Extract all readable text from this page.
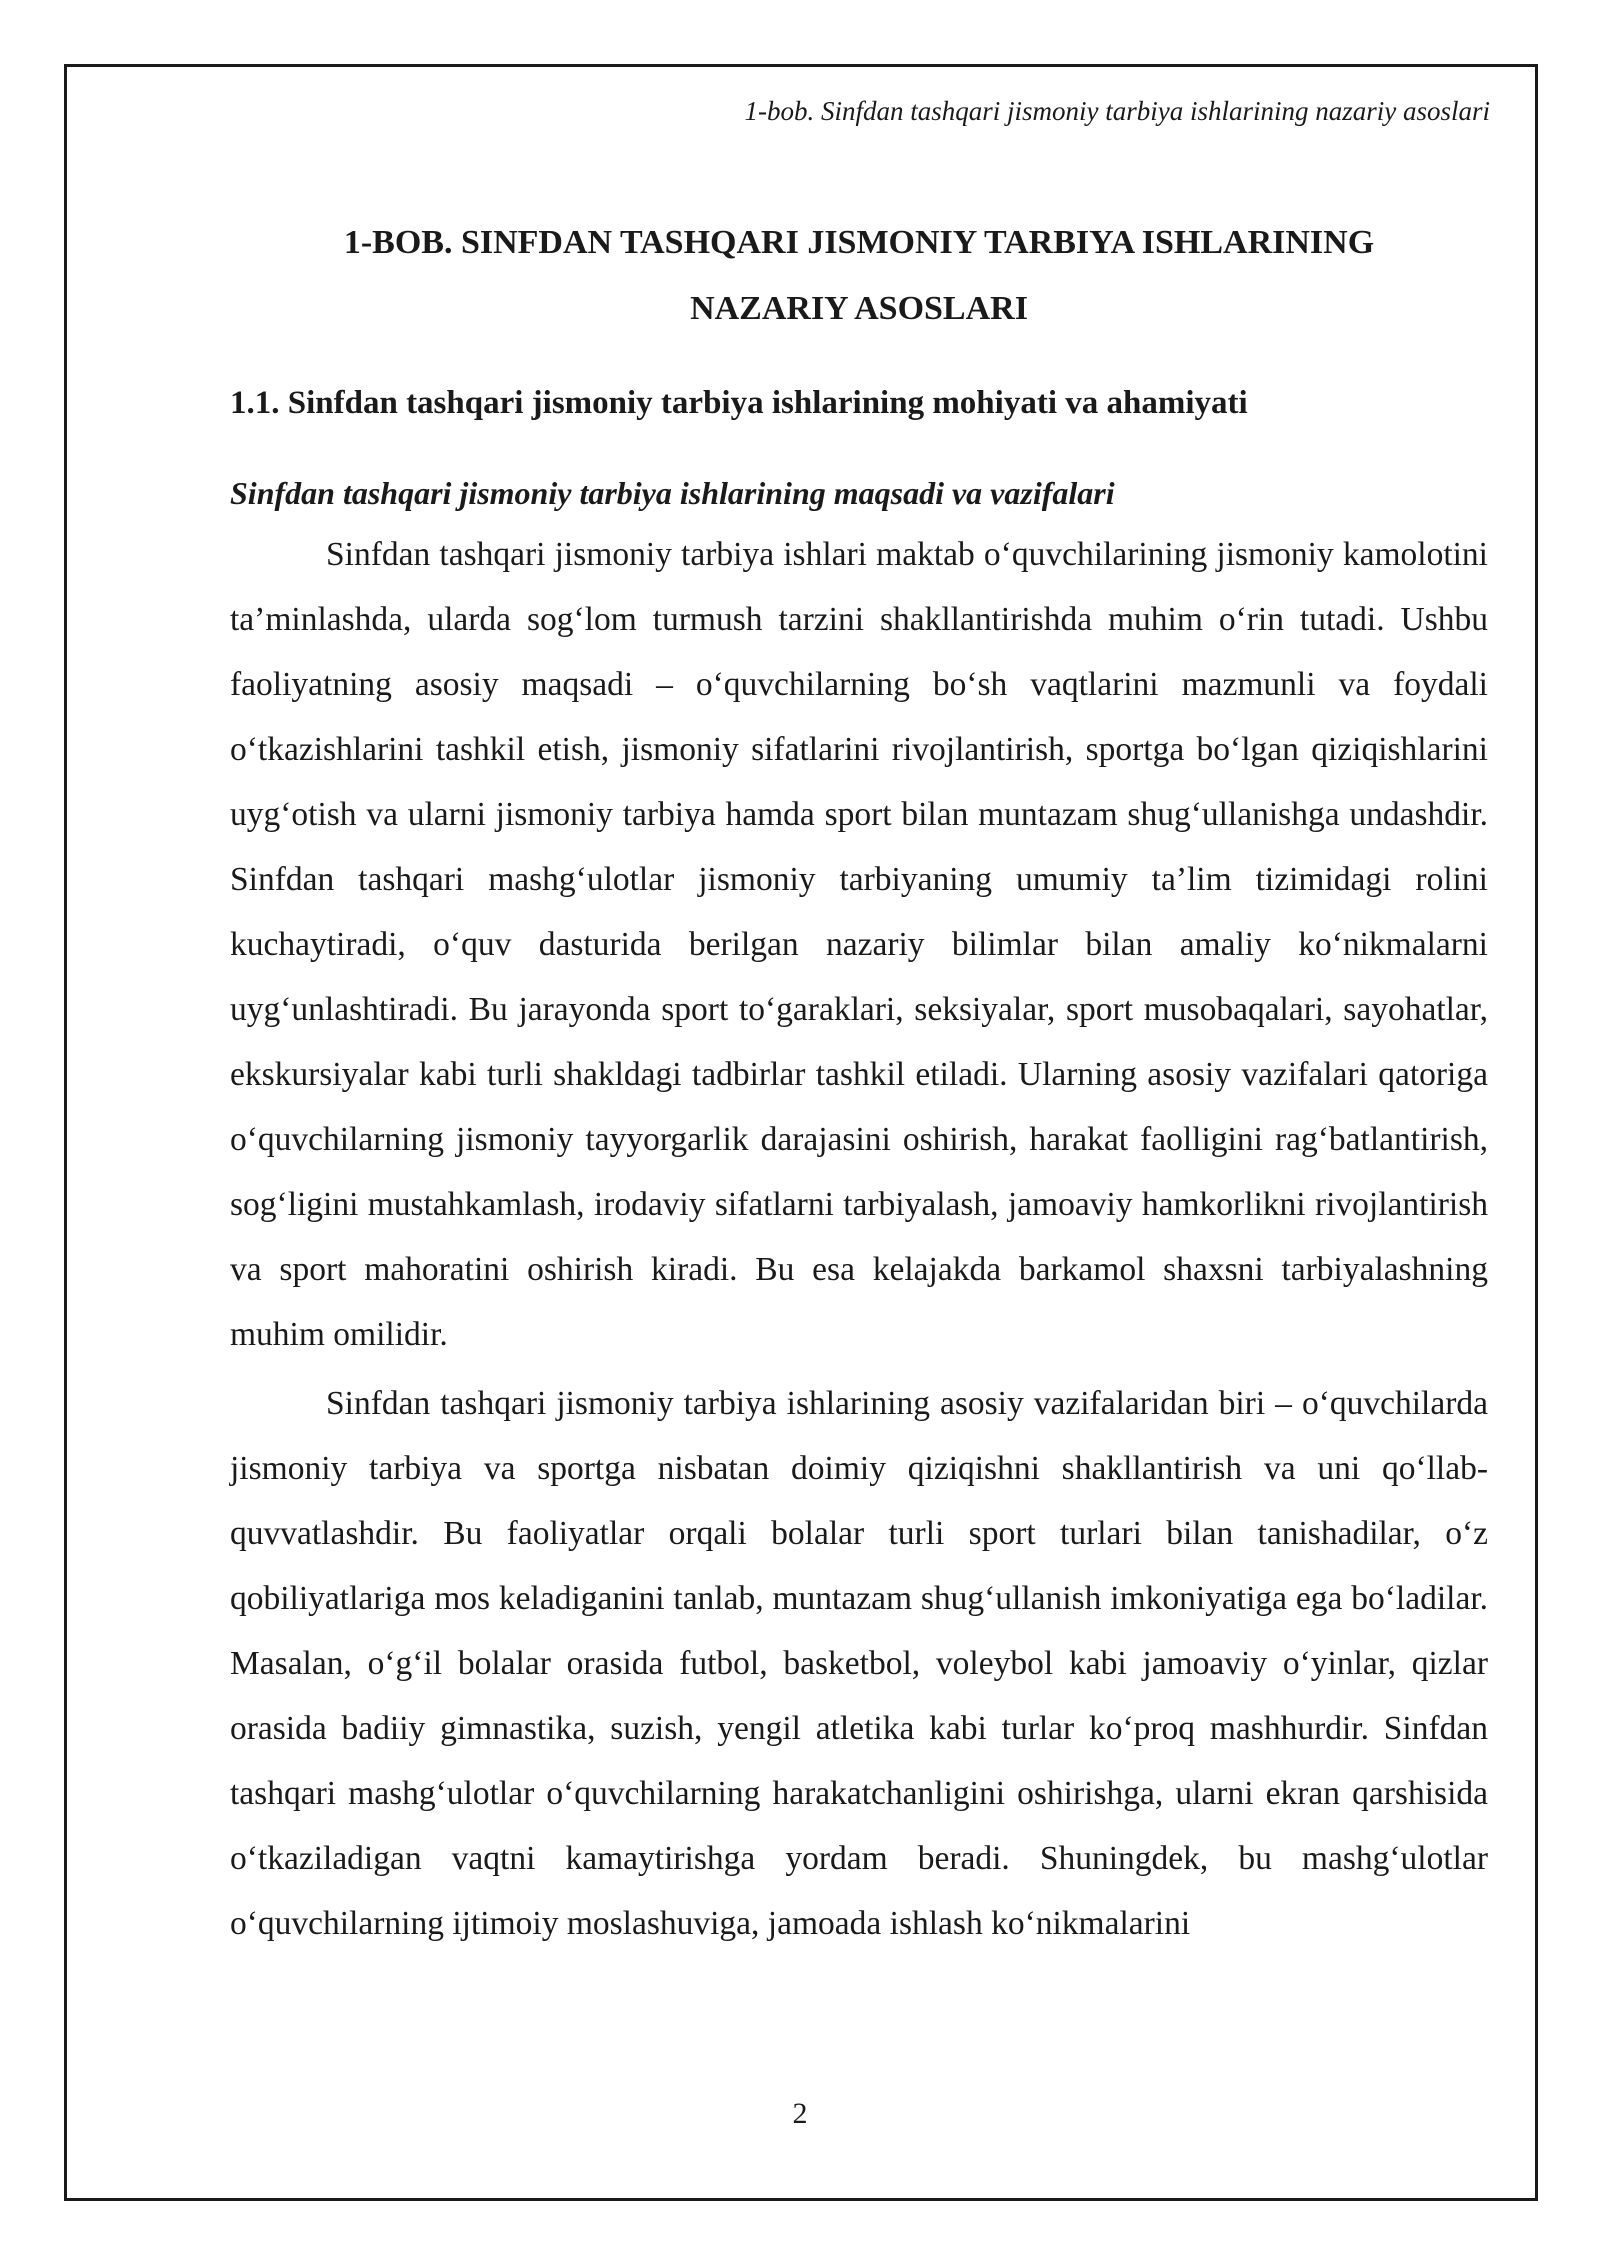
1-bob. Sinfdan tashqari jismoniy tarbiya ishlarining nazariy asoslari
1-BOB. SINFDAN TASHQARI JISMONIY TARBIYA ISHLARINING
NAZARIY ASOSLARI
1.1. Sinfdan tashqari jismoniy tarbiya ishlarining mohiyati va ahamiyati
Sinfdan tashqari jismoniy tarbiya ishlarining maqsadi va vazifalari

Sinfdan tashqari jismoniy tarbiya ishlari maktab o‘quvchilarining jismoniy kamolotini ta’minlashda, ularda sog‘lom turmush tarzini shakllantirishda muhim o‘rin tutadi. Ushbu faoliyatning asosiy maqsadi – o‘quvchilarning bo‘sh vaqtlarini mazmunli va foydali o‘tkazishlarini tashkil etish, jismoniy sifatlarini rivojlantirish, sportga bo‘lgan qiziqishlarini uyg‘otish va ularni jismoniy tarbiya hamda sport bilan muntazam shug‘ullanishga undashdir. Sinfdan tashqari mashg‘ulotlar jismoniy tarbiyaning umumiy ta’lim tizimidagi rolini kuchaytiradi, o‘quv dasturida berilgan nazariy bilimlar bilan amaliy ko‘nikmalarni uyg‘unlashtiradi. Bu jarayonda sport to‘garaklari, seksiyalar, sport musobaqalari, sayohatlar, ekskursiyalar kabi turli shakldagi tadbirlar tashkil etiladi. Ularning asosiy vazifalari qatoriga o‘quvchilarning jismoniy tayyorgarlik darajasini oshirish, harakat faolligini rag‘batlantirish, sog‘ligini mustahkamlash, irodaviy sifatlarni tarbiyalash, jamoaviy hamkorlikni rivojlantirish va sport mahoratini oshirish kiradi. Bu esa kelajakda barkamol shaxsni tarbiyalashning muhim omilidir.

Sinfdan tashqari jismoniy tarbiya ishlarining asosiy vazifalaridan biri – o‘quvchilarda jismoniy tarbiya va sportga nisbatan doimiy qiziqishni shakllantirish va uni qo‘llab-quvvatlashdir. Bu faoliyatlar orqali bolalar turli sport turlari bilan tanishadilar, o‘z qobiliyatlariga mos keladiganini tanlab, muntazam shug‘ullanish imkoniyatiga ega bo‘ladilar. Masalan, o‘g‘il bolalar orasida futbol, basketbol, voleybol kabi jamoaviy o‘yinlar, qizlar orasida badiiy gimnastika, suzish, yengil atletika kabi turlar ko‘proq mashhurdir. Sinfdan tashqari mashg‘ulotlar o‘quvchilarning harakatchanligini oshirishga, ularni ekran qarshisida o‘tkaziladigan vaqtni kamaytirishga yordam beradi. Shuningdek, bu mashg‘ulotlar o‘quvchilarning ijtimoiy moslashuviga, jamoada ishlash ko‘nikmalarini

2
